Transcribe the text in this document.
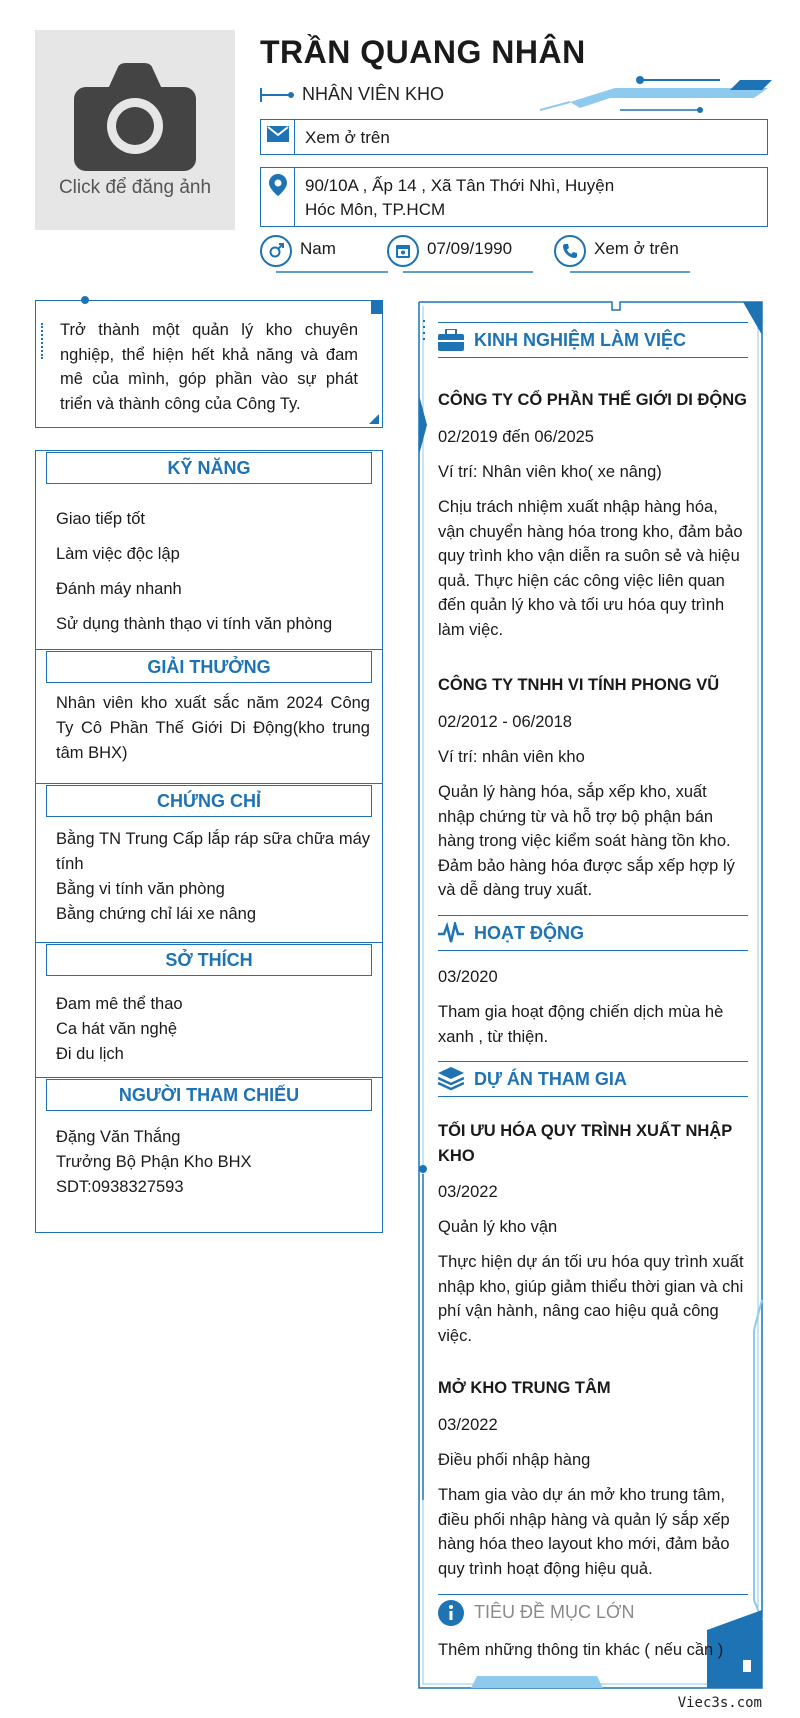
Click để đăng ảnh
TRẦN QUANG NHÂN
NHÂN VIÊN KHO
Xem ở trên
90/10A , Ấp 14 , Xã Tân Thới Nhì, Huyện
Hóc Môn, TP.HCM
Nam	07/09/1990	Xem ở trên
Trở thành một quản lý kho chuyên nghiệp, thể hiện hết khả năng và đam mê của mình, góp phần vào sự phát triển và thành công của Công Ty.
KỸ NĂNG
Giao tiếp tốt
Làm việc độc lập
Đánh máy nhanh
Sử dụng thành thạo vi tính văn phòng
GIẢI THƯỞNG
Nhân viên kho xuất sắc năm 2024 Công Ty Cô Phần Thế Giới Di Động(kho trung tâm BHX)
CHỨNG CHỈ
Bằng TN Trung Cấp lắp ráp sữa chữa máy tính
Bằng vi tính văn phòng
Bằng chứng chỉ lái xe nâng
SỞ THÍCH
Đam mê thể thao
Ca hát văn nghệ
Đi du lịch
NGƯỜI THAM CHIẾU
Đặng Văn Thắng
Trưởng Bộ Phận Kho BHX
SDT:0938327593
KINH NGHIỆM LÀM VIỆC
CÔNG TY CỔ PHẦN THẾ GIỚI DI ĐỘNG
02/2019 đến 06/2025
Ví trí: Nhân viên kho( xe nâng)
Chịu trách nhiệm xuất nhập hàng hóa, vận chuyển hàng hóa trong kho, đảm bảo quy trình kho vận diễn ra suôn sẻ và hiệu quả. Thực hiện các công việc liên quan đến quản lý kho và tối ưu hóa quy trình làm việc.
CÔNG TY TNHH VI TÍNH PHONG VŨ
02/2012 - 06/2018
Ví trí: nhân viên kho
Quản lý hàng hóa, sắp xếp kho, xuất nhập chứng từ và hỗ trợ bộ phận bán hàng trong việc kiểm soát hàng tồn kho. Đảm bảo hàng hóa được sắp xếp hợp lý và dễ dàng truy xuất.
HOẠT ĐỘNG
03/2020
Tham gia hoạt động chiến dịch mùa hè xanh , từ thiện.
DỰ ÁN THAM GIA
TỐI ƯU HÓA QUY TRÌNH XUẤT NHẬP KHO
03/2022
Quản lý kho vận
Thực hiện dự án tối ưu hóa quy trình xuất nhập kho, giúp giảm thiểu thời gian và chi phí vận hành, nâng cao hiệu quả công việc.
MỞ KHO TRUNG TÂM
03/2022
Điều phối nhập hàng
Tham gia vào dự án mở kho trung tâm, điều phối nhập hàng và quản lý sắp xếp hàng hóa theo layout kho mới, đảm bảo quy trình hoạt động hiệu quả.
TIÊU ĐỀ MỤC LỚN
Thêm những thông tin khác ( nếu cần )
Viec3s.com
